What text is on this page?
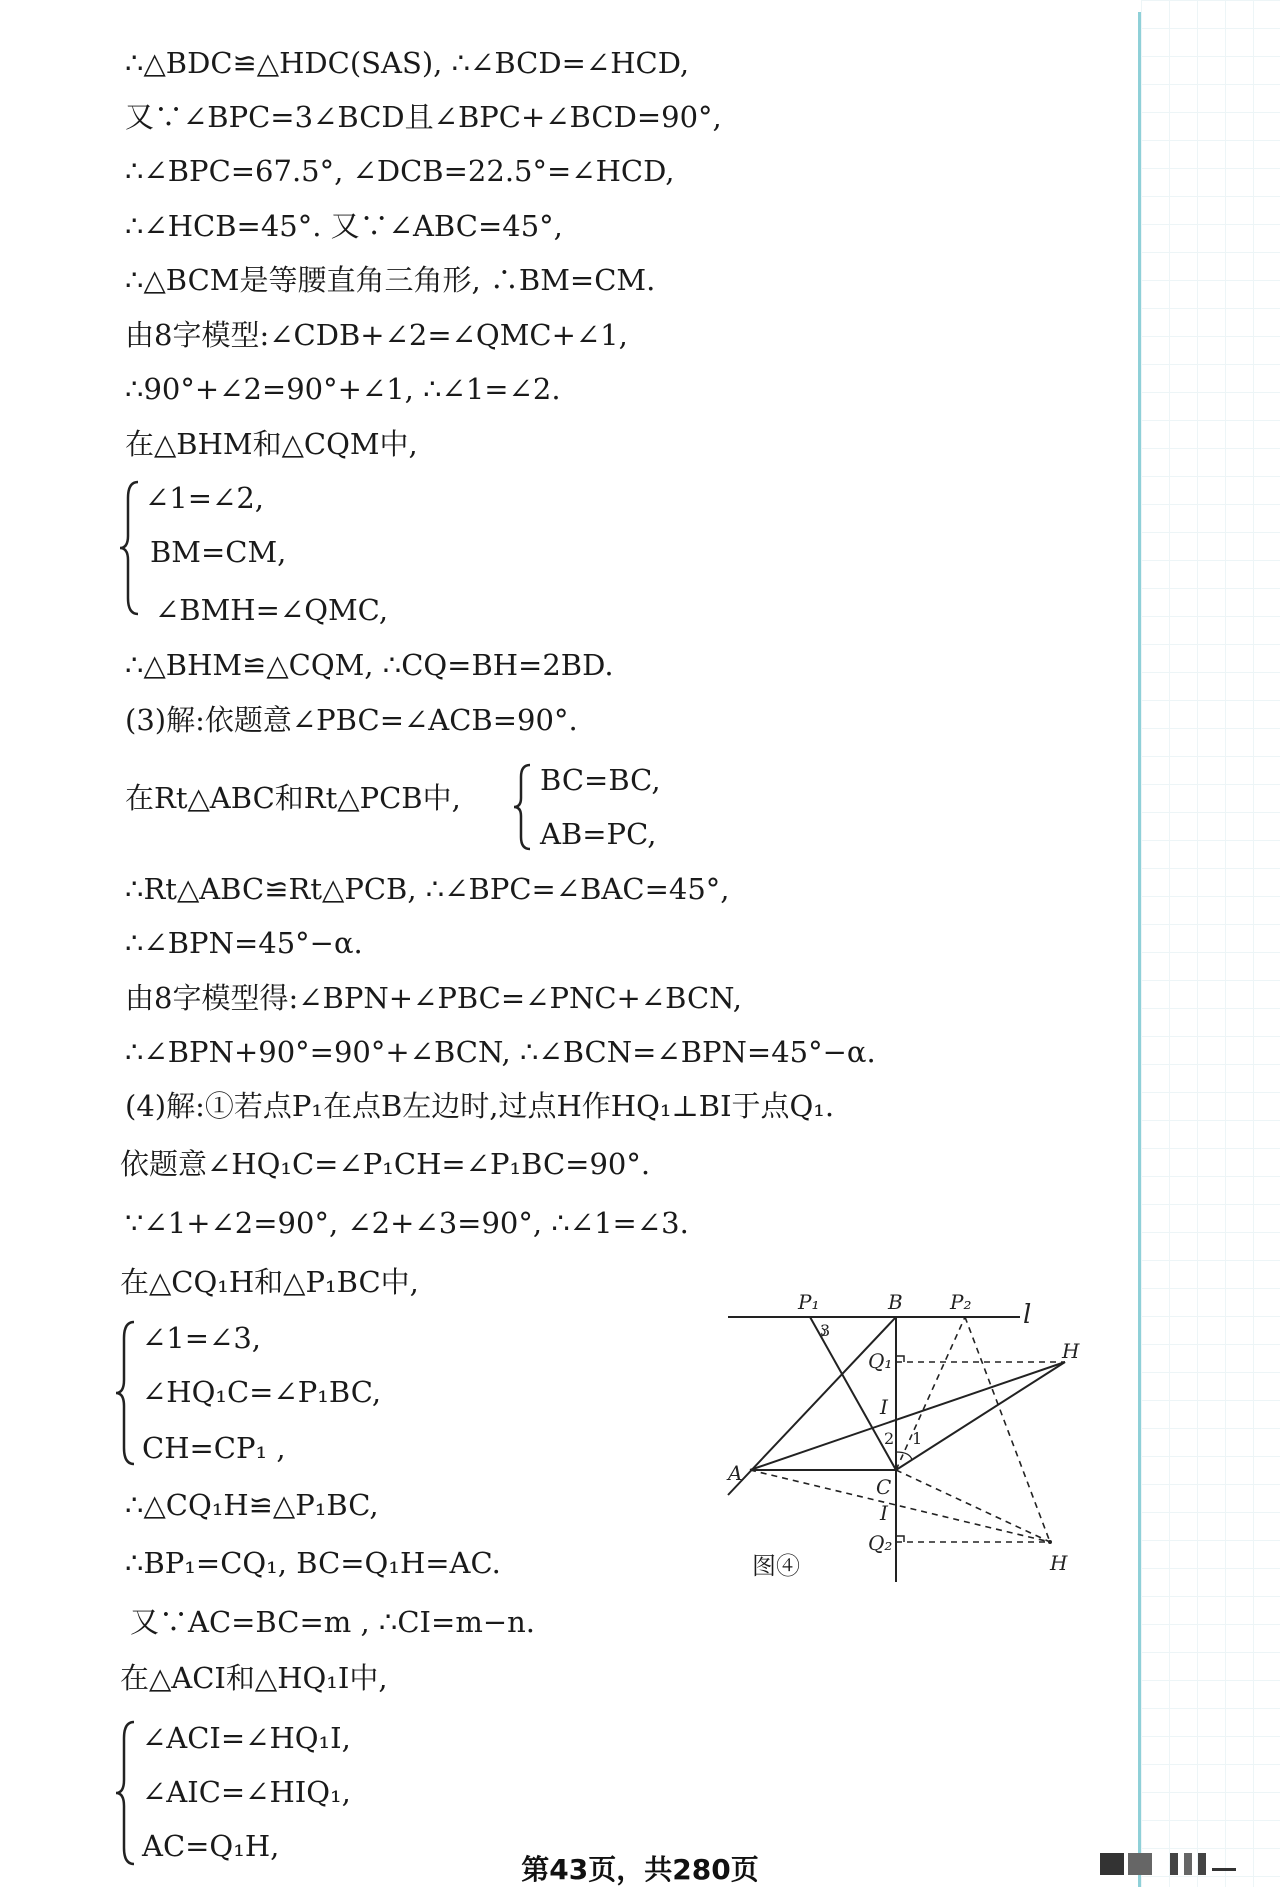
∴△BDC≌△HDC(SAS), ∴∠BCD=∠HCD,
又∵∠BPC=3∠BCD且∠BPC+∠BCD=90°,
∴∠BPC=67.5°, ∠DCB=22.5°=∠HCD,
∴∠HCB=45°. 又∵∠ABC=45°,
∴△BCM是等腰直角三角形, ∴BM=CM.
由8字模型:∠CDB+∠2=∠QMC+∠1,
∴90°+∠2=90°+∠1, ∴∠1=∠2.
在△BHM和△CQM中,
∠1=∠2,
BM=CM,
∠BMH=∠QMC,
∴△BHM≌△CQM, ∴CQ=BH=2BD.
(3)解:依题意∠PBC=∠ACB=90°.
在Rt△ABC和Rt△PCB中,
BC=BC,
AB=PC,
∴Rt△ABC≌Rt△PCB, ∴∠BPC=∠BAC=45°,
∴∠BPN=45°−α.
由8字模型得:∠BPN+∠PBC=∠PNC+∠BCN,
∴∠BPN+90°=90°+∠BCN, ∴∠BCN=∠BPN=45°−α.
(4)解:①若点P₁在点B左边时,过点H作HQ₁⊥BI于点Q₁.
依题意∠HQ₁C=∠P₁CH=∠P₁BC=90°.
∵∠1+∠2=90°, ∠2+∠3=90°, ∴∠1=∠3.
在△CQ₁H和△P₁BC中,
∠1=∠3,
∠HQ₁C=∠P₁BC,
CH=CP₁ ,
∴△CQ₁H≌△P₁BC,
∴BP₁=CQ₁, BC=Q₁H=AC.
又∵AC=BC=m , ∴CI=m−n.
在△ACI和△HQ₁I中,
∠ACI=∠HQ₁I,
∠AIC=∠HIQ₁,
AC=Q₁H,
P₁	B P₂ l
H
Q₁
3
I
2 1
A
C
I
Q₂
H
图④
第43页，共280页
